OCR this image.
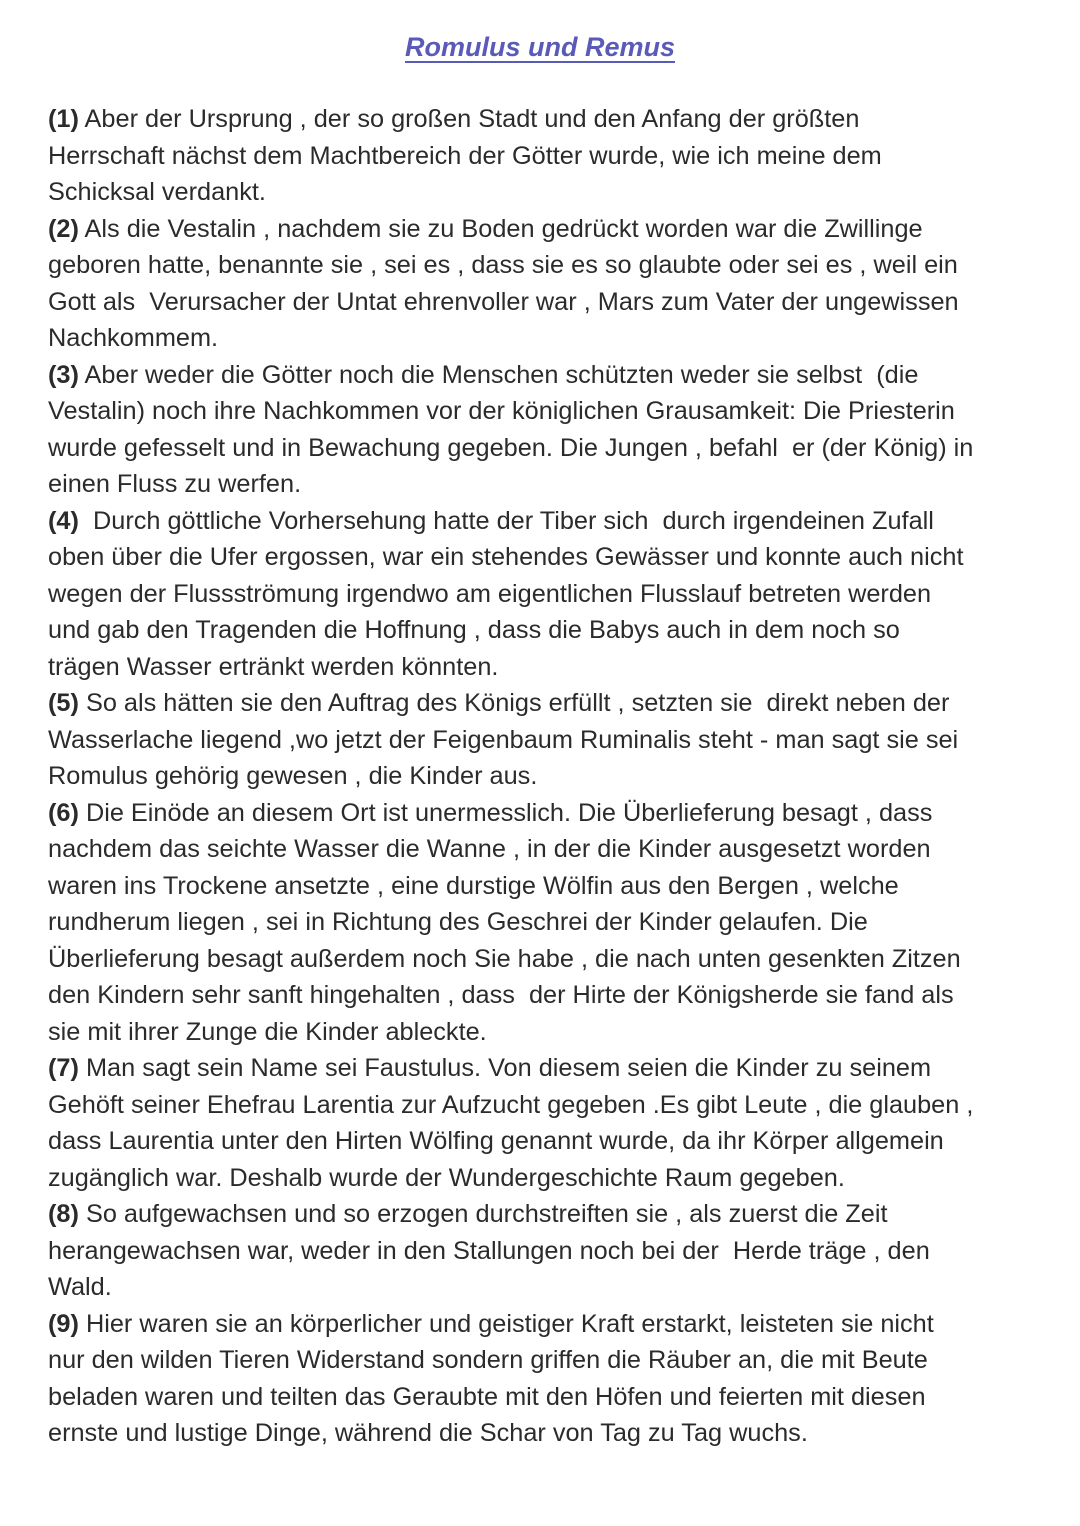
Romulus und Remus
(1) Aber der Ursprung , der so großen Stadt und den Anfang der größten
Herrschaft nächst dem Machtbereich der Götter wurde, wie ich meine dem
Schicksal verdankt.
(2) Als die Vestalin , nachdem sie zu Boden gedrückt worden war die Zwillinge
geboren hatte, benannte sie , sei es , dass sie es so glaubte oder sei es , weil ein
Gott als  Verursacher der Untat ehrenvoller war , Mars zum Vater der ungewissen
Nachkommem.
(3) Aber weder die Götter noch die Menschen schützten weder sie selbst  (die
Vestalin) noch ihre Nachkommen vor der königlichen Grausamkeit: Die Priesterin
wurde gefesselt und in Bewachung gegeben. Die Jungen , befahl  er (der König) in
einen Fluss zu werfen.
(4)  Durch göttliche Vorhersehung hatte der Tiber sich  durch irgendeinen Zufall
oben über die Ufer ergossen, war ein stehendes Gewässer und konnte auch nicht
wegen der Flussströmung irgendwo am eigentlichen Flusslauf betreten werden
und gab den Tragenden die Hoffnung , dass die Babys auch in dem noch so
trägen Wasser ertränkt werden könnten.
(5) So als hätten sie den Auftrag des Königs erfüllt , setzten sie  direkt neben der
Wasserlache liegend ,wo jetzt der Feigenbaum Ruminalis steht - man sagt sie sei
Romulus gehörig gewesen , die Kinder aus.
(6) Die Einöde an diesem Ort ist unermesslich. Die Überlieferung besagt , dass
nachdem das seichte Wasser die Wanne , in der die Kinder ausgesetzt worden
waren ins Trockene ansetzte , eine durstige Wölfin aus den Bergen , welche
rundherum liegen , sei in Richtung des Geschrei der Kinder gelaufen. Die
Überlieferung besagt außerdem noch Sie habe , die nach unten gesenkten Zitzen
den Kindern sehr sanft hingehalten , dass  der Hirte der Königsherde sie fand als
sie mit ihrer Zunge die Kinder ableckte.
(7) Man sagt sein Name sei Faustulus. Von diesem seien die Kinder zu seinem
Gehöft seiner Ehefrau Larentia zur Aufzucht gegeben .Es gibt Leute , die glauben ,
dass Laurentia unter den Hirten Wölfing genannt wurde, da ihr Körper allgemein
zugänglich war. Deshalb wurde der Wundergeschichte Raum gegeben.
(8) So aufgewachsen und so erzogen durchstreiften sie , als zuerst die Zeit
herangewachsen war, weder in den Stallungen noch bei der  Herde träge , den
Wald.
(9) Hier waren sie an körperlicher und geistiger Kraft erstarkt, leisteten sie nicht
nur den wilden Tieren Widerstand sondern griffen die Räuber an, die mit Beute
beladen waren und teilten das Geraubte mit den Höfen und feierten mit diesen
ernste und lustige Dinge, während die Schar von Tag zu Tag wuchs.
